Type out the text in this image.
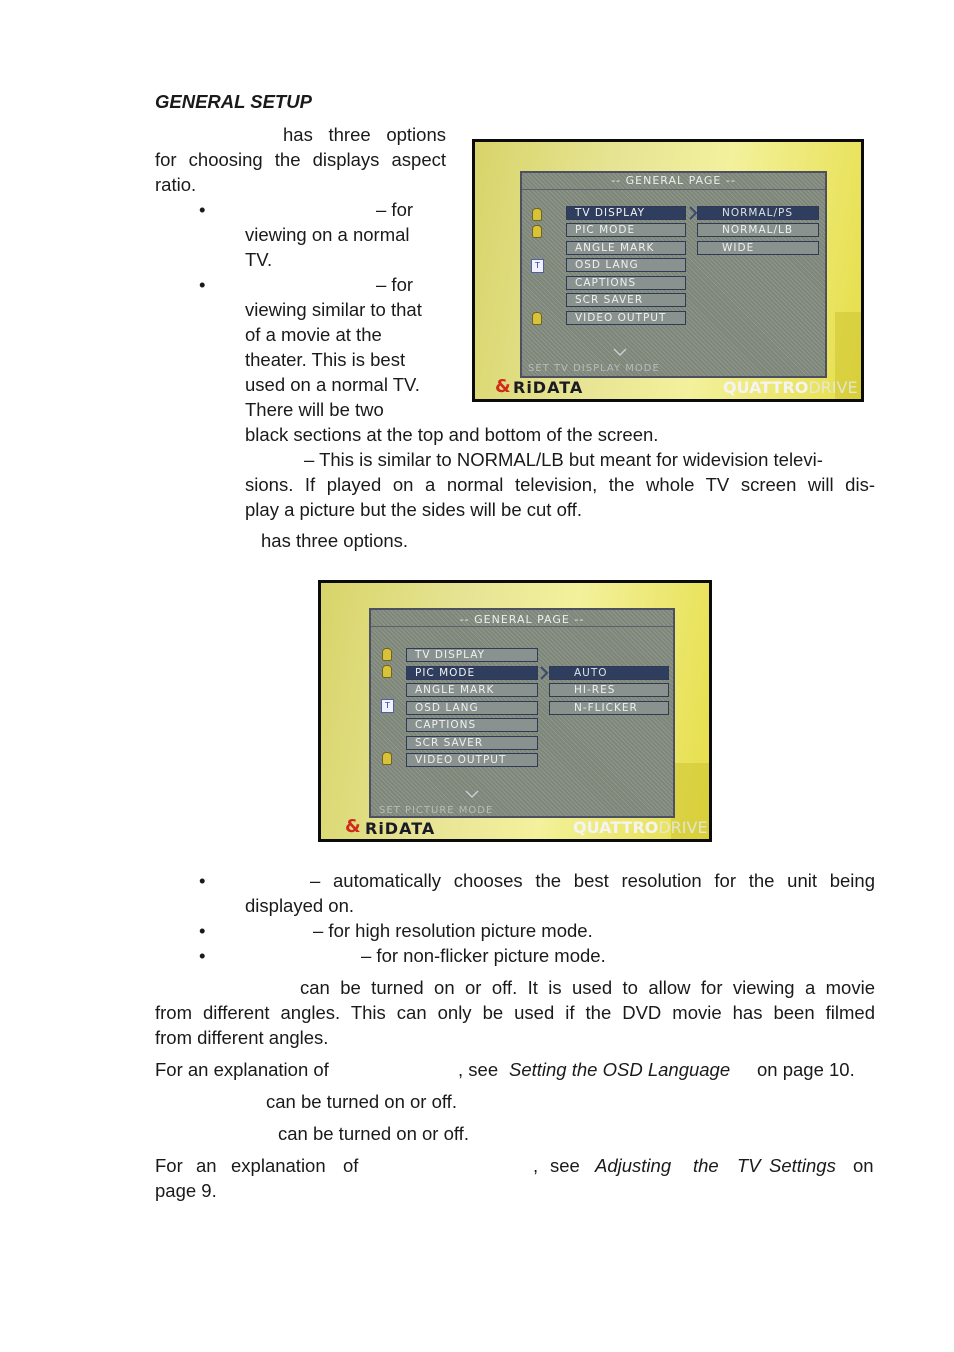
GENERAL SETUP
has three options
for choosing the displays aspect
ratio.
•	– for
viewing on a normal
TV.
•	– for
viewing similar to that
of a movie at the
theater. This is best
used on a normal TV.
There will be two
black sections at the top and bottom of the screen.
– This is similar to NORMAL/LB but meant for widevision televi-
sions. If played on a normal television, the whole TV screen will dis-
play a picture but the sides will be cut off.
has three options.
-- GENERAL PAGE --
T
TV DISPLAY
PIC MODE
ANGLE MARK
OSD LANG
CAPTIONS
SCR SAVER
VIDEO OUTPUT
NORMAL/PS
NORMAL/LB
WIDE
SET TV DISPLAY MODE
& RiDATA	QUATTRODRIVE
-- GENERAL PAGE --
T
TV DISPLAY
PIC MODE
ANGLE MARK
OSD LANG
CAPTIONS
SCR SAVER
VIDEO OUTPUT
AUTO
HI-RES
N-FLICKER
SET PICTURE MODE
& RiDATA	QUATTRODRIVE
•	– automatically chooses the best resolution for the unit being
displayed on.
•	– for high resolution picture mode.
•	– for non-flicker picture mode.
can be turned on or off. It is used to allow for viewing a movie
from different angles. This can only be used if the DVD movie has been filmed
from different angles.
For an explanation of	, see Setting the OSD Language on page 10.
can be turned on or off.
can be turned on or off.
For an explanation of	, see Adjusting the TV Settings on
page 9.
